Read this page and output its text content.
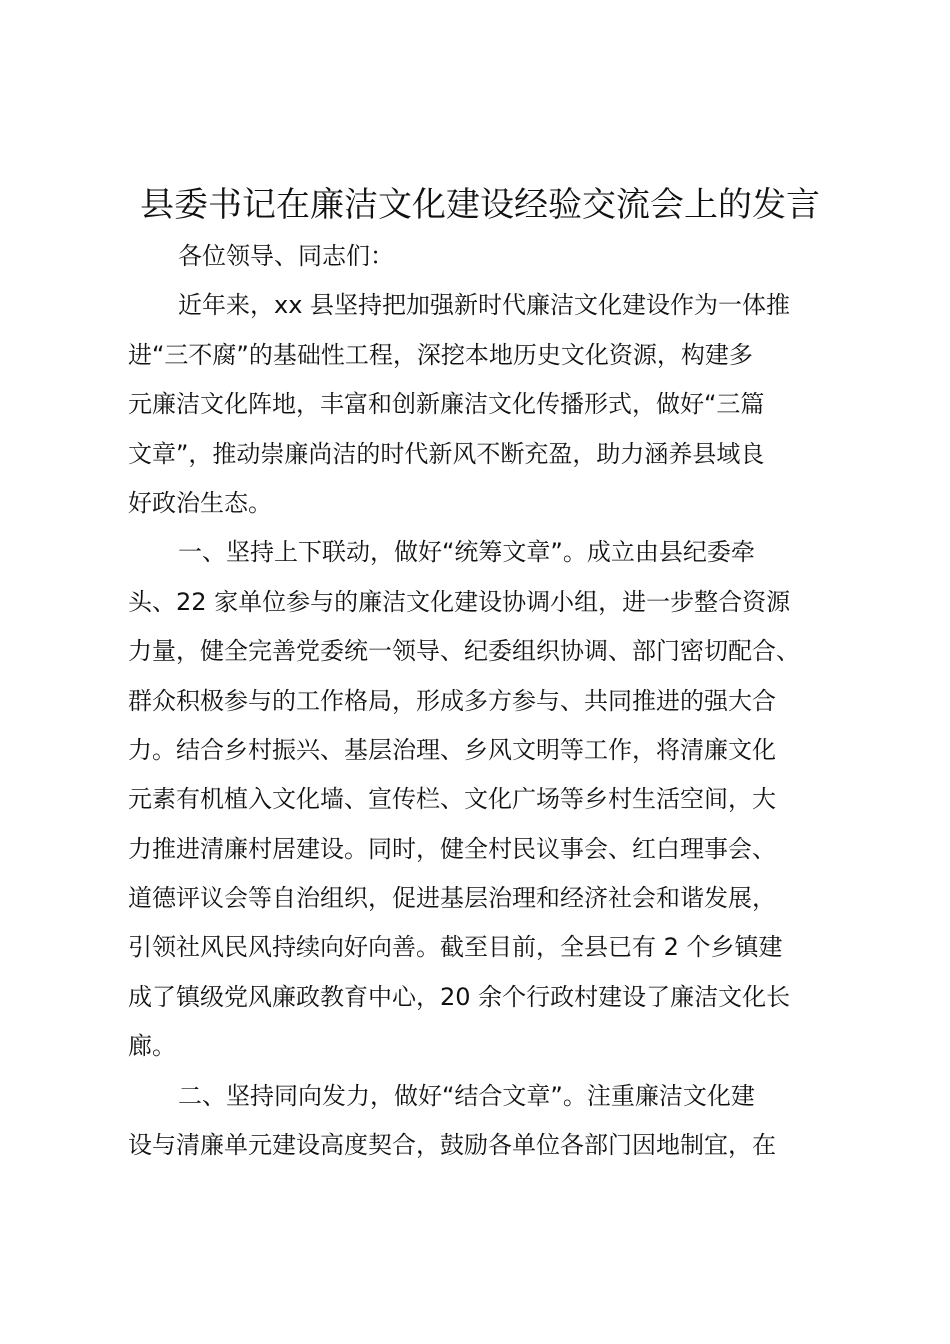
县委书记在廉洁文化建设经验交流会上的发言
各位领导、同志们：
近年来，xx 县坚持把加强新时代廉洁文化建设作为一体推
进“三不腐”的基础性工程，深挖本地历史文化资源，构建多
元廉洁文化阵地，丰富和创新廉洁文化传播形式，做好“三篇
文章”，推动崇廉尚洁的时代新风不断充盈，助力涵养县域良
好政治生态。
一、坚持上下联动，做好“统筹文章”。成立由县纪委牵
头、22 家单位参与的廉洁文化建设协调小组，进一步整合资源
力量，健全完善党委统一领导、纪委组织协调、部门密切配合、
群众积极参与的工作格局，形成多方参与、共同推进的强大合
力。结合乡村振兴、基层治理、乡风文明等工作，将清廉文化
元素有机植入文化墙、宣传栏、文化广场等乡村生活空间，大
力推进清廉村居建设。同时，健全村民议事会、红白理事会、
道德评议会等自治组织，促进基层治理和经济社会和谐发展，
引领社风民风持续向好向善。截至目前，全县已有 2 个乡镇建
成了镇级党风廉政教育中心，20 余个行政村建设了廉洁文化长
廊。
二、坚持同向发力，做好“结合文章”。注重廉洁文化建
设与清廉单元建设高度契合，鼓励各单位各部门因地制宜，在
